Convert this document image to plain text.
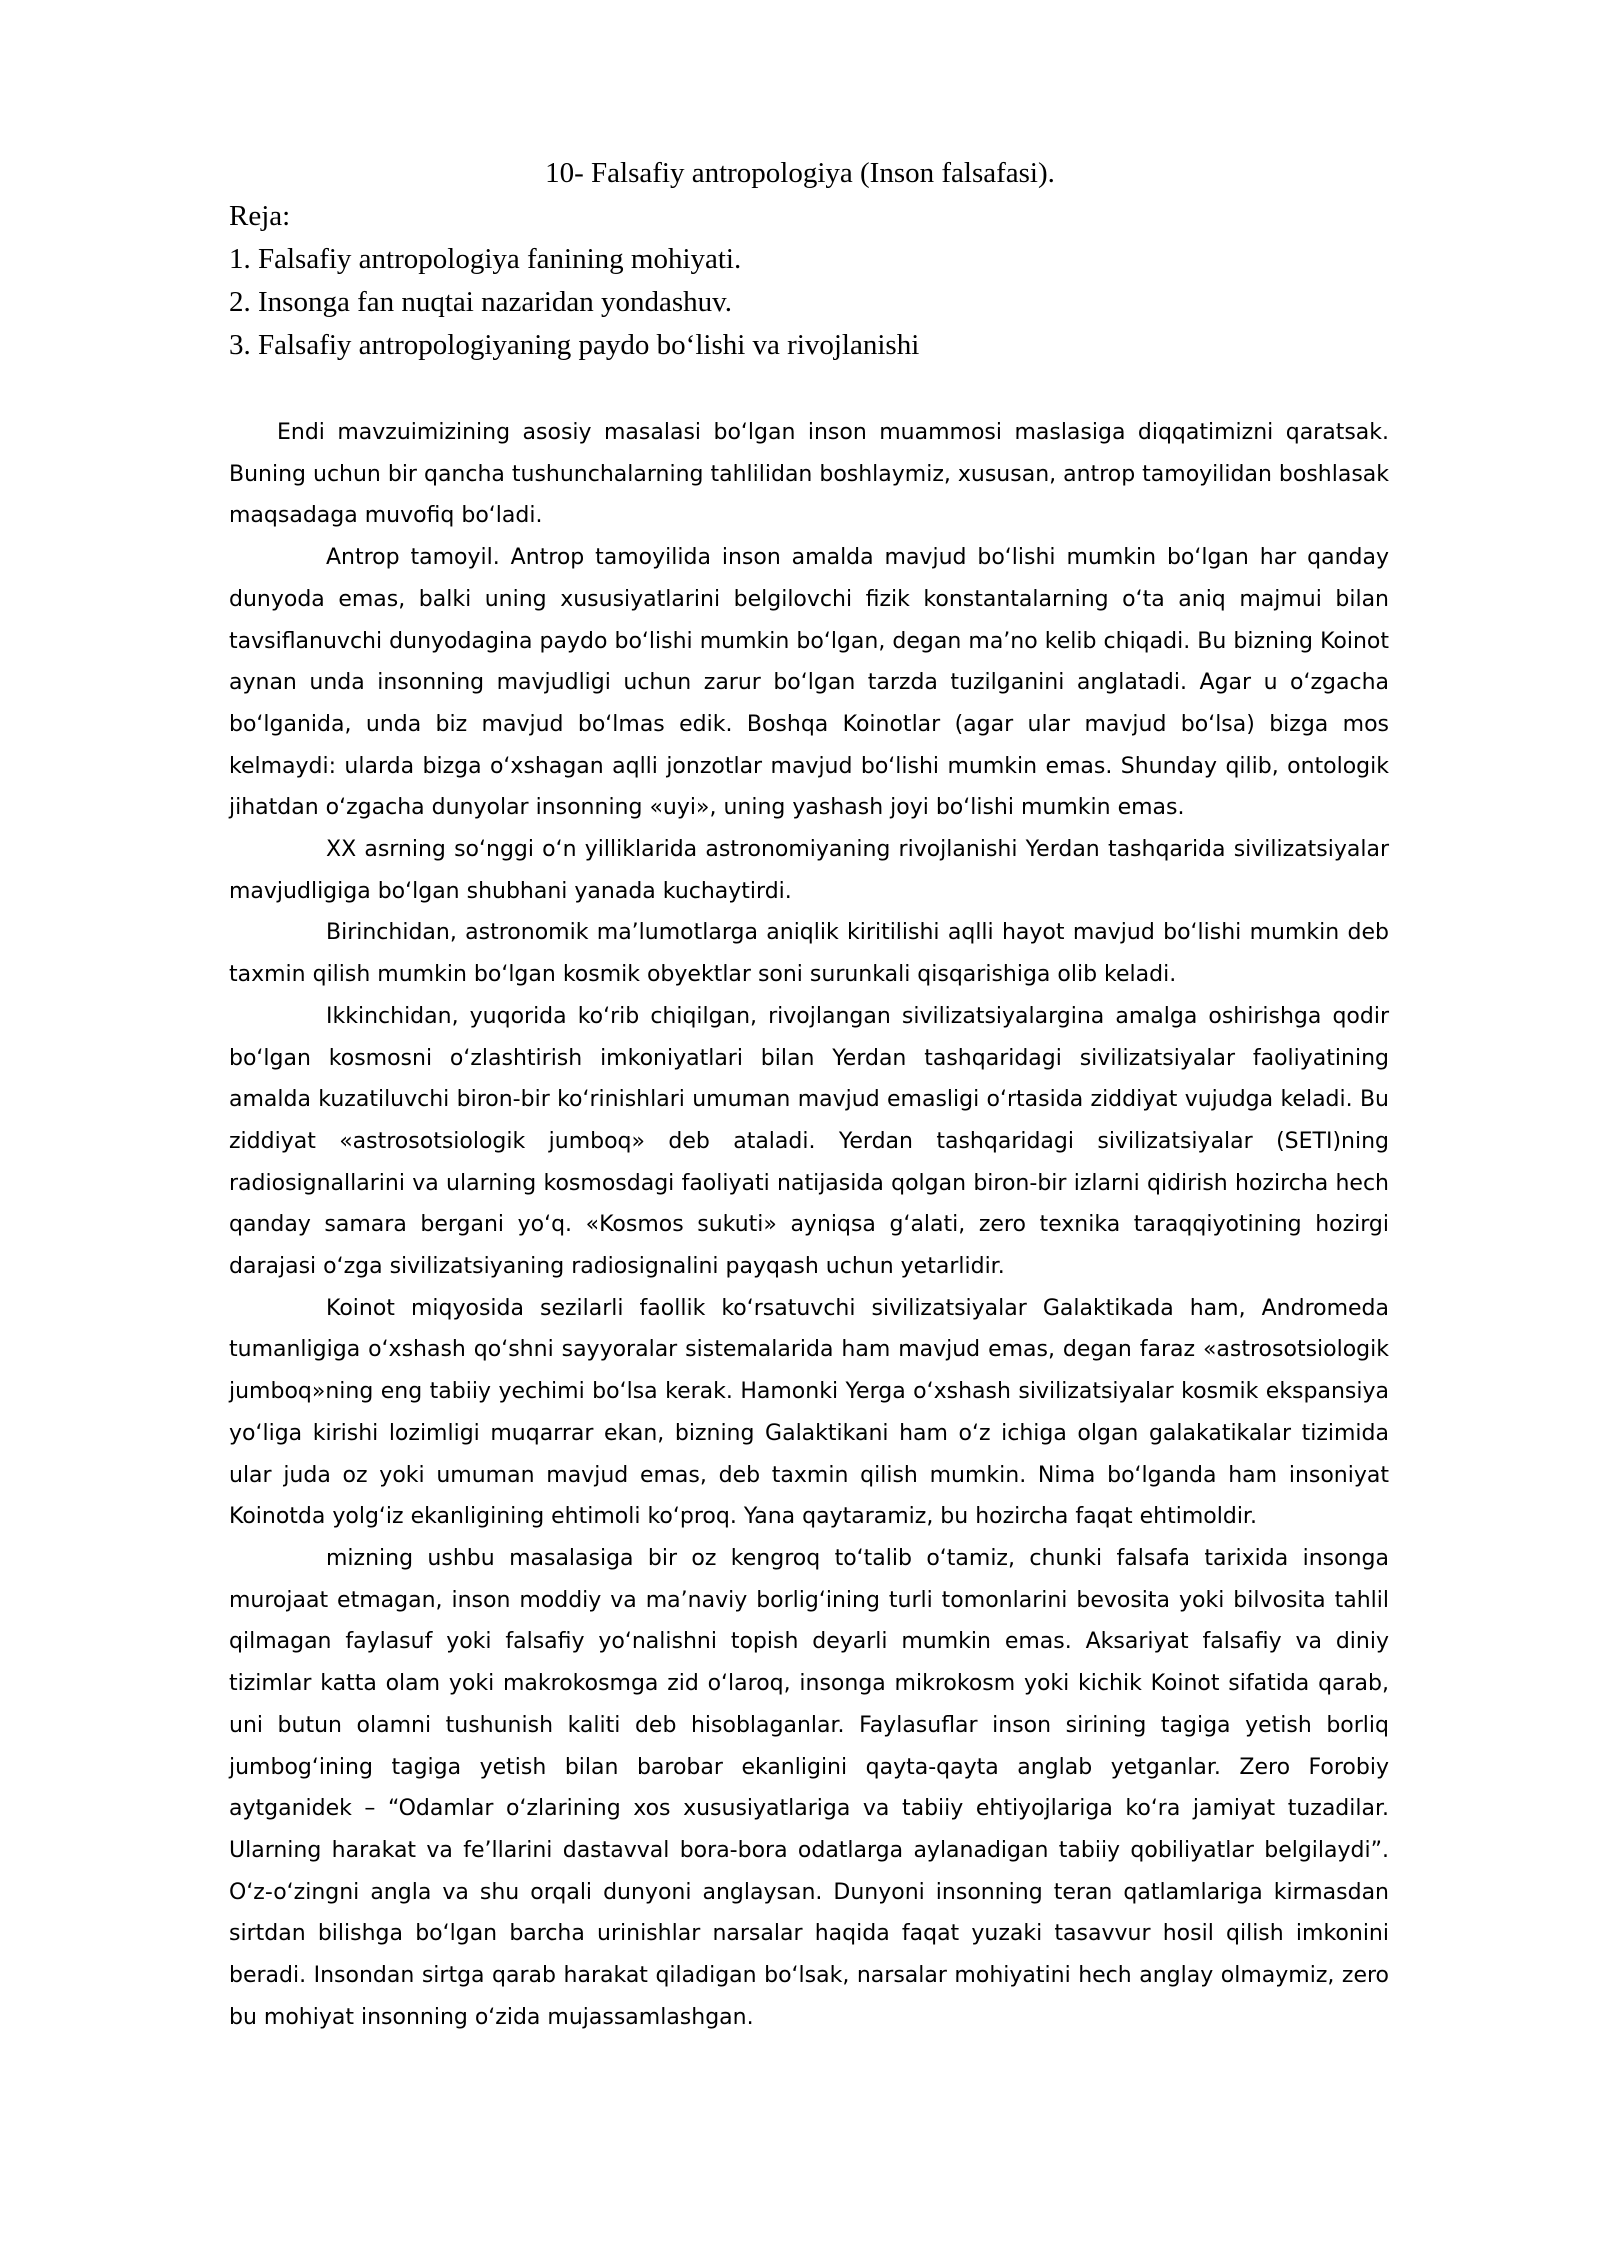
10- Falsafiy antropologiya (Inson falsafasi).
Reja:
1. Falsafiy antropologiya fanining mohiyati.
2. Insonga fan nuqtai nazaridan yondashuv.
3. Falsafiy antropologiyaning paydo bo‘lishi va rivojlanishi

Endi mavzuimizining asosiy masalasi bo‘lgan inson muammosi maslasiga diqqatimizni qaratsak. Buning uchun bir qancha tushunchalarning tahlilidan boshlaymiz, xususan, antrop tamoyilidan boshlasak maqsadaga muvofiq bo‘ladi.

Antrop tamoyil. Antrop tamoyilida inson amalda mavjud bo‘lishi mumkin bo‘lgan har qanday dunyoda emas, balki uning xususiyatlarini belgilovchi fizik konstantalarning o‘ta aniq majmui bilan tavsiflanuvchi dunyodagina paydo bo‘lishi mumkin bo‘lgan, degan ma’no kelib chiqadi. Bu bizning Koinot aynan unda insonning mavjudligi uchun zarur bo‘lgan tarzda tuzilganini anglatadi. Agar u o‘zgacha bo‘lganida, unda biz mavjud bo‘lmas edik. Boshqa Koinotlar (agar ular mavjud bo‘lsa) bizga mos kelmaydi: ularda bizga o‘xshagan aqlli jonzotlar mavjud bo‘lishi mumkin emas. Shunday qilib, ontologik jihatdan o‘zgacha dunyolar insonning «uyi», uning yashash joyi bo‘lishi mumkin emas.

XX asrning so‘nggi o‘n yilliklarida astronomiyaning rivojlanishi Yerdan tashqarida sivilizatsiyalar mavjudligiga bo‘lgan shubhani yanada kuchaytirdi.

Birinchidan, astronomik ma’lumotlarga aniqlik kiritilishi aqlli hayot mavjud bo‘lishi mumkin deb taxmin qilish mumkin bo‘lgan kosmik obyektlar soni surunkali qisqarishiga olib keladi.

Ikkinchidan, yuqorida ko‘rib chiqilgan, rivojlangan sivilizatsiyalargina amalga oshirishga qodir bo‘lgan kosmosni o‘zlashtirish imkoniyatlari bilan Yerdan tashqaridagi sivilizatsiyalar faoliyatining amalda kuzatiluvchi biron-bir ko‘rinishlari umuman mavjud emasligi o‘rtasida ziddiyat vujudga keladi. Bu ziddiyat «astrosotsiologik jumboq» deb ataladi. Yerdan tashqaridagi sivilizatsiyalar (SETI)ning radiosignallarini va ularning kosmosdagi faoliyati natijasida qolgan biron-bir izlarni qidirish hozircha hech qanday samara bergani yo‘q. «Kosmos sukuti» ayniqsa g‘alati, zero texnika taraqqiyotining hozirgi darajasi o‘zga sivilizatsiyaning radiosignalini payqash uchun yetarlidir.

Koinot miqyosida sezilarli faollik ko‘rsatuvchi sivilizatsiyalar Galaktikada ham, Andromeda tumanligiga o‘xshash qo‘shni sayyoralar sistemalarida ham mavjud emas, degan faraz «astrosotsiologik jumboq»ning eng tabiiy yechimi bo‘lsa kerak. Hamonki Yerga o‘xshash sivilizatsiyalar kosmik ekspansiya yo‘liga kirishi lozimligi muqarrar ekan, bizning Galaktikani ham o‘z ichiga olgan galakatikalar tizimida ular juda oz yoki umuman mavjud emas, deb taxmin qilish mumkin. Nima bo‘lganda ham insoniyat Koinotda yolg‘iz ekanligining ehtimoli ko‘proq. Yana qaytaramiz, bu hozircha faqat ehtimoldir.

mizning ushbu masalasiga bir oz kengroq to‘talib o‘tamiz, chunki falsafa tarixida insonga murojaat etmagan, inson moddiy va ma’naviy borlig‘ining turli tomonlarini bevosita yoki bilvosita tahlil qilmagan faylasuf yoki falsafiy yo‘nalishni topish deyarli mumkin emas. Aksariyat falsafiy va diniy tizimlar katta olam yoki makrokosmga zid o‘laroq, insonga mikrokosm yoki kichik Koinot sifatida qarab, uni butun olamni tushunish kaliti deb hisoblaganlar. Faylasuflar inson sirining tagiga yetish borliq jumbog‘ining tagiga yetish bilan barobar ekanligini qayta-qayta anglab yetganlar. Zero Forobiy aytganidek – “Odamlar o‘zlarining xos xususiyatlariga va tabiiy ehtiyojlariga ko‘ra jamiyat tuzadilar. Ularning harakat va fe’llarini dastavval bora-bora odatlarga aylanadigan tabiiy qobiliyatlar belgilaydi”. O‘z-o‘zingni angla va shu orqali dunyoni anglaysan. Dunyoni insonning teran qatlamlariga kirmasdan sirtdan bilishga bo‘lgan barcha urinishlar narsalar haqida faqat yuzaki tasavvur hosil qilish imkonini beradi. Insondan sirtga qarab harakat qiladigan bo‘lsak, narsalar mohiyatini hech anglay olmaymiz, zero bu mohiyat insonning o‘zida mujassamlashgan.
